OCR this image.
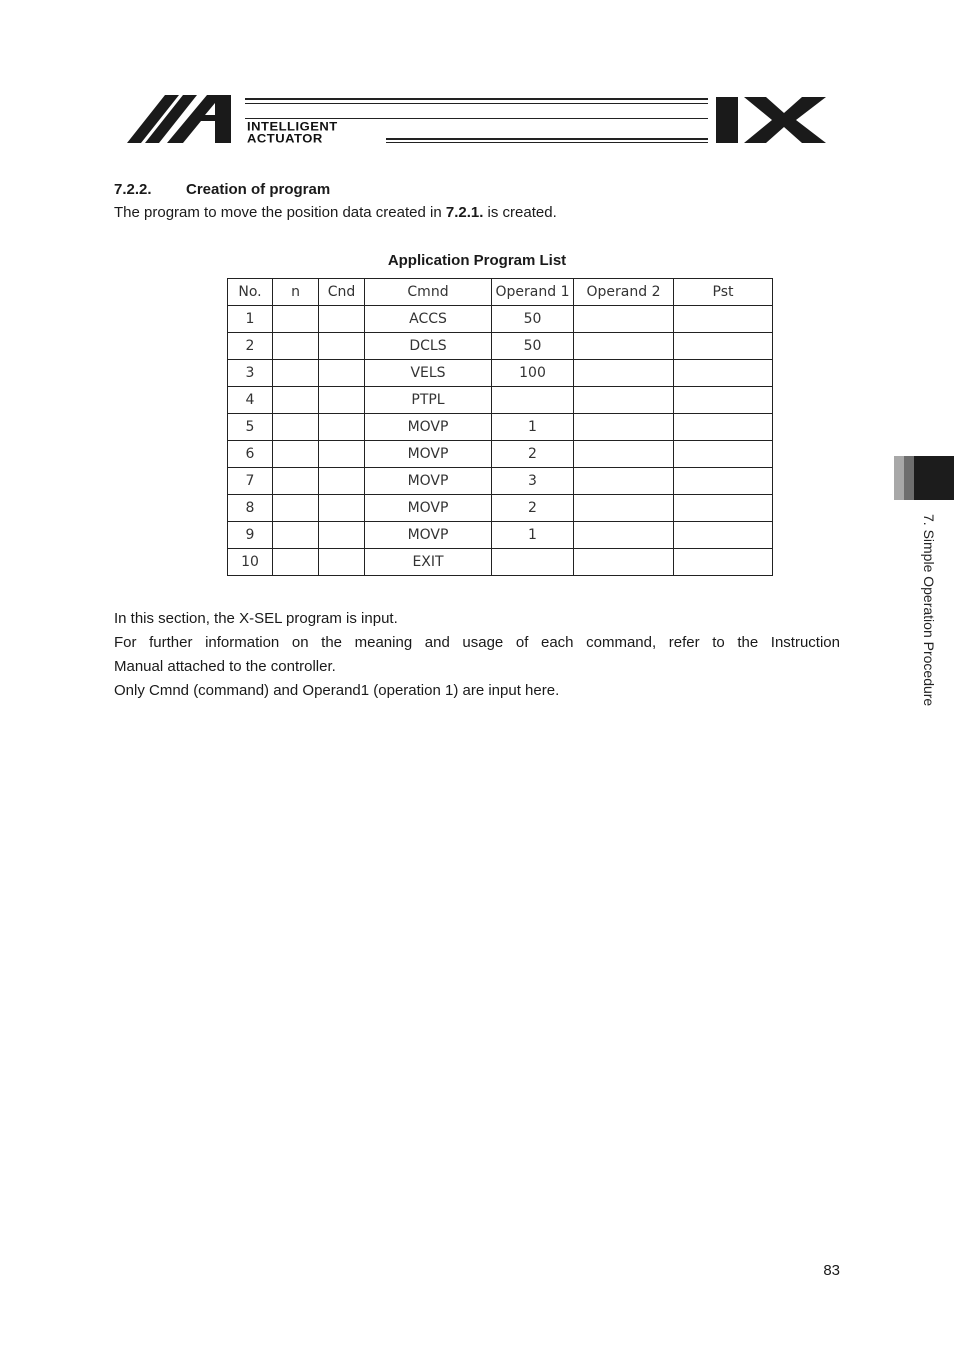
INTELLIGENT
ACTUATOR
7.2.2. Creation of program
The program to move the position data created in 7.2.1. is created.
Application Program List
No.	n	Cnd	Cmnd	Operand 1	Operand 2	Pst
1			ACCS	50		
2			DCLS	50		
3			VELS	100		
4			PTPL			
5			MOVP	1		
6			MOVP	2		
7			MOVP	3		
8			MOVP	2		
9			MOVP	1		
10			EXIT			
In this section, the X-SEL program is input.
For further information on the meaning and usage of each command, refer to the Instruction
Manual attached to the controller.
Only Cmnd (command) and Operand1 (operation 1) are input here.	7. Simple Operation Procedure
83
